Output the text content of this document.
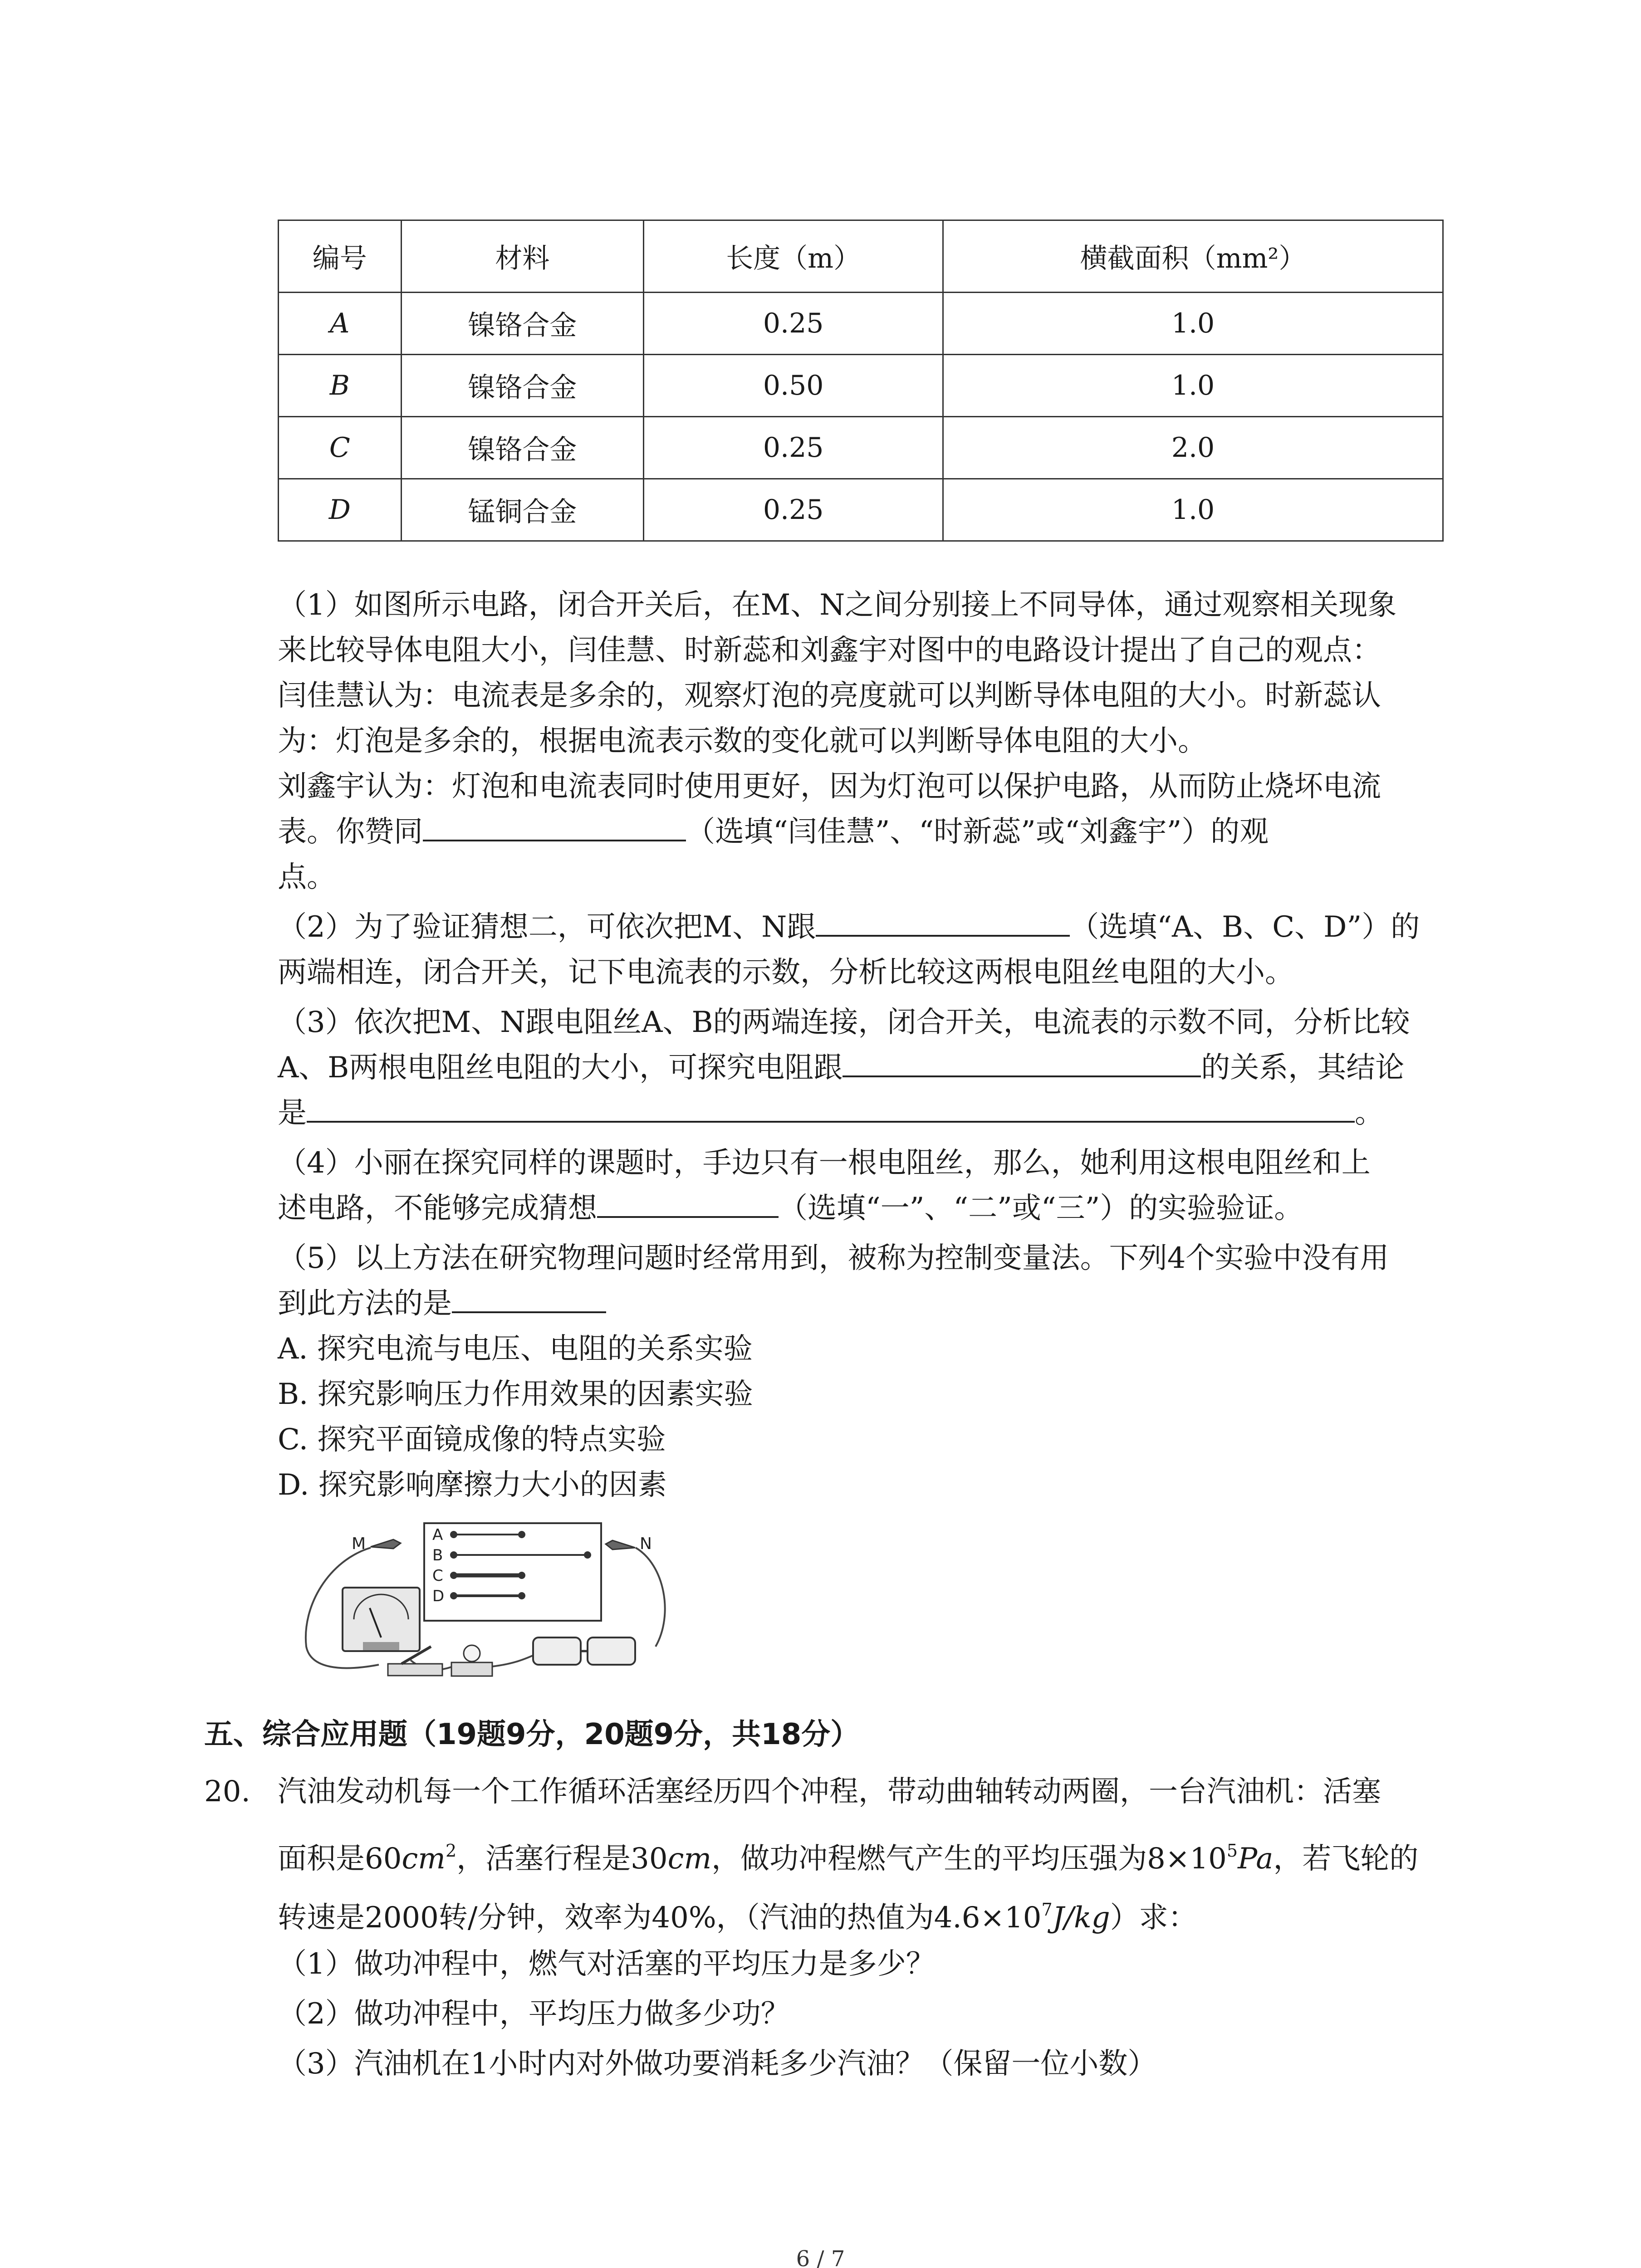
编号	材料	长度（m）	横截面积（mm²）
A	镍铬合金	0.25	1.0
B	镍铬合金	0.50	1.0
C	镍铬合金	0.25	2.0
D	锰铜合金	0.25	1.0
（1）如图所示电路，闭合开关后，在M、N之间分别接上不同导体，通过观察相关现象
来比较导体电阻大小，闫佳慧、时新蕊和刘鑫宇对图中的电路设计提出了自己的观点：
闫佳慧认为：电流表是多余的，观察灯泡的亮度就可以判断导体电阻的大小。时新蕊认
为：灯泡是多余的，根据电流表示数的变化就可以判断导体电阻的大小。
刘鑫宇认为：灯泡和电流表同时使用更好，因为灯泡可以保护电路，从而防止烧坏电流
表。你赞同	（选填“闫佳慧”、“时新蕊”或“刘鑫宇”）的观
点。
（2）为了验证猜想二，可依次把M、N跟	（选填“A、B、C、D”）的
两端相连，闭合开关，记下电流表的示数，分析比较这两根电阻丝电阻的大小。
（3）依次把M、N跟电阻丝A、B的两端连接，闭合开关，电流表的示数不同，分析比较
A、B两根电阻丝电阻的大小，可探究电阻跟	的关系，其结论
是	。
（4）小丽在探究同样的课题时，手边只有一根电阻丝，那么，她利用这根电阻丝和上
述电路，不能够完成猜想	（选填“一”、“二”或“三”）的实验验证。
（5）以上方法在研究物理问题时经常用到，被称为控制变量法。下列4个实验中没有用
到此方法的是
A. 探究电流与电压、电阻的关系实验
B. 探究影响压力作用效果的因素实验
C. 探究平面镜成像的特点实验
D. 探究影响摩擦力大小的因素
A
B
C
D
M	N
五、综合应用题（19题9分，20题9分，共18分）
20. 汽油发动机每一个工作循环活塞经历四个冲程，带动曲轴转动两圈，一台汽油机：活塞
面积是$60cm^2$，活塞行程是30cm，做功冲程燃气产生的平均压强为$8\times 10^5Pa$，若飞轮的
转速是2000转/分钟，效率为40%，（汽油的热值为$4.6\times 10^7J/kg$）求：
（1）做功冲程中，燃气对活塞的平均压力是多少？
（2）做功冲程中，平均压力做多少功？
（3）汽油机在1小时内对外做功要消耗多少汽油？（保留一位小数）
6 / 7
